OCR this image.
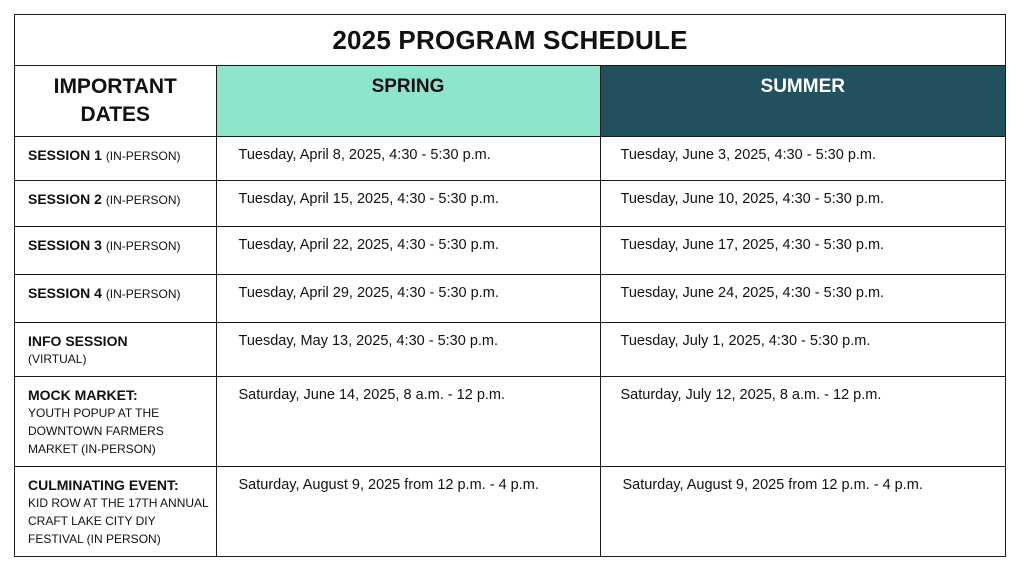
2025 PROGRAM SCHEDULE
IMPORTANT
DATES	SPRING	SUMMER
SESSION 1 (IN-PERSON)	Tuesday, April 8, 2025, 4:30 - 5:30 p.m.	Tuesday, June 3, 2025, 4:30 - 5:30 p.m.
SESSION 2 (IN-PERSON)	Tuesday, April 15, 2025, 4:30 - 5:30 p.m.	Tuesday, June 10, 2025, 4:30 - 5:30 p.m.
SESSION 3 (IN-PERSON)	Tuesday, April 22, 2025, 4:30 - 5:30 p.m.	Tuesday, June 17, 2025, 4:30 - 5:30 p.m.
SESSION 4 (IN-PERSON)	Tuesday, April 29, 2025, 4:30 - 5:30 p.m.	Tuesday, June 24, 2025, 4:30 - 5:30 p.m.
INFO SESSION
(VIRTUAL)	Tuesday, May 13, 2025, 4:30 - 5:30 p.m.	Tuesday, July 1, 2025, 4:30 - 5:30 p.m.
MOCK MARKET:
YOUTH POPUP AT THE DOWNTOWN FARMERS MARKET (IN-PERSON)	Saturday, June 14, 2025, 8 a.m. - 12 p.m.	Saturday, July 12, 2025, 8 a.m. - 12 p.m.
CULMINATING EVENT:
KID ROW AT THE 17TH ANNUAL CRAFT LAKE CITY DIY FESTIVAL (IN PERSON)	Saturday, August 9, 2025 from 12 p.m. - 4 p.m.	Saturday, August 9, 2025 from 12 p.m. - 4 p.m.
